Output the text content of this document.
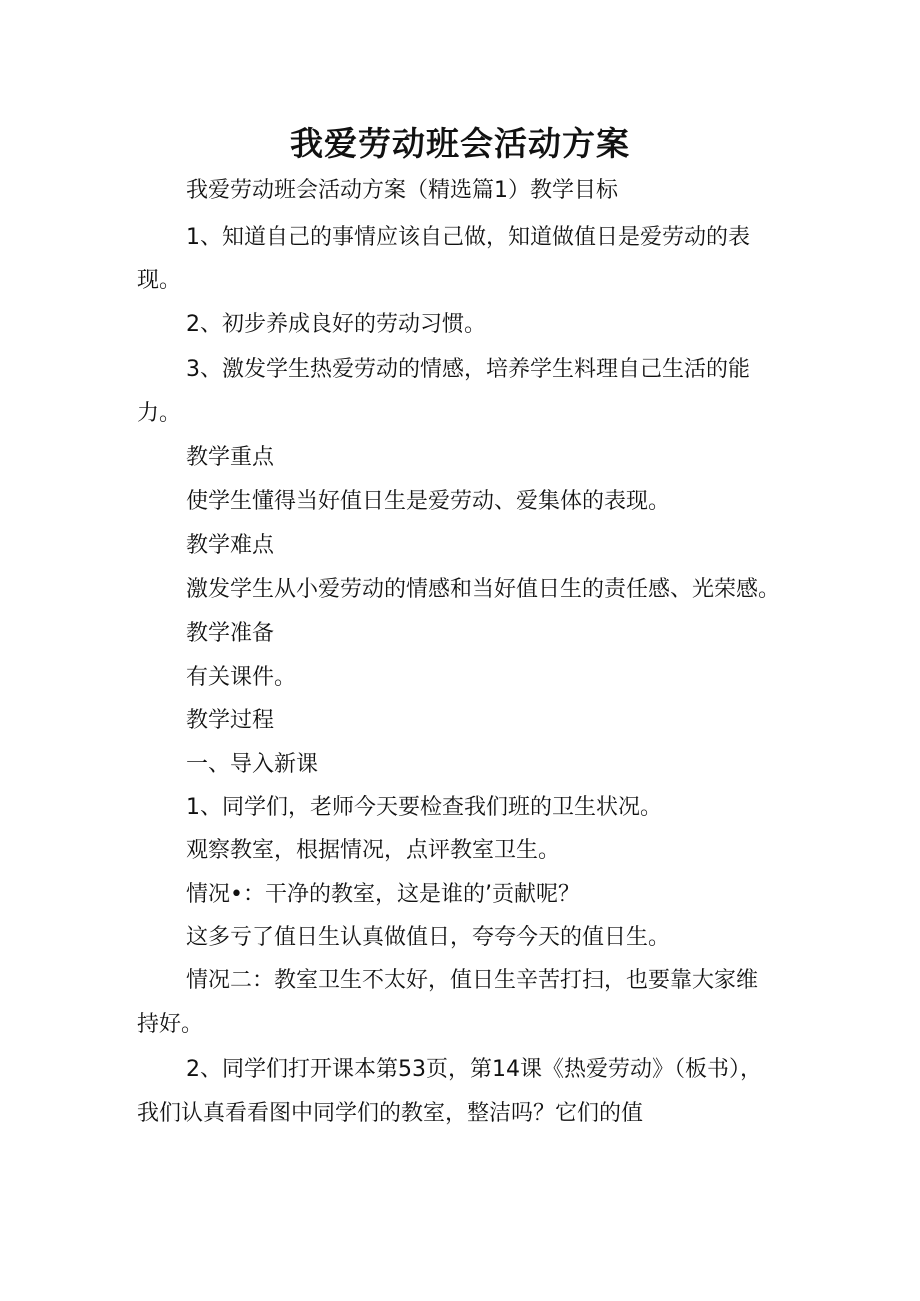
我爱劳动班会活动方案
我爱劳动班会活动方案（精选篇1）教学目标
1、知道自己的事情应该自己做，知道做值日是爱劳动的表
现。
2、初步养成良好的劳动习惯。
3、激发学生热爱劳动的情感，培养学生料理自己生活的能
力。
教学重点
使学生懂得当好值日生是爱劳动、爱集体的表现。
教学难点
激发学生从小爱劳动的情感和当好值日生的责任感、光荣感。
教学准备
有关课件。
教学过程
一、导入新课
1、同学们，老师今天要检查我们班的卫生状况。
观察教室，根据情况，点评教室卫生。
情况•：干净的教室，这是谁的’贡献呢？
这多亏了值日生认真做值日，夸夸今天的值日生。
情况二：教室卫生不太好，值日生辛苦打扫，也要靠大家维
持好。
2、同学们打开课本第53页，第14课《热爱劳动》（板书），
我们认真看看图中同学们的教室，整洁吗？它们的值
